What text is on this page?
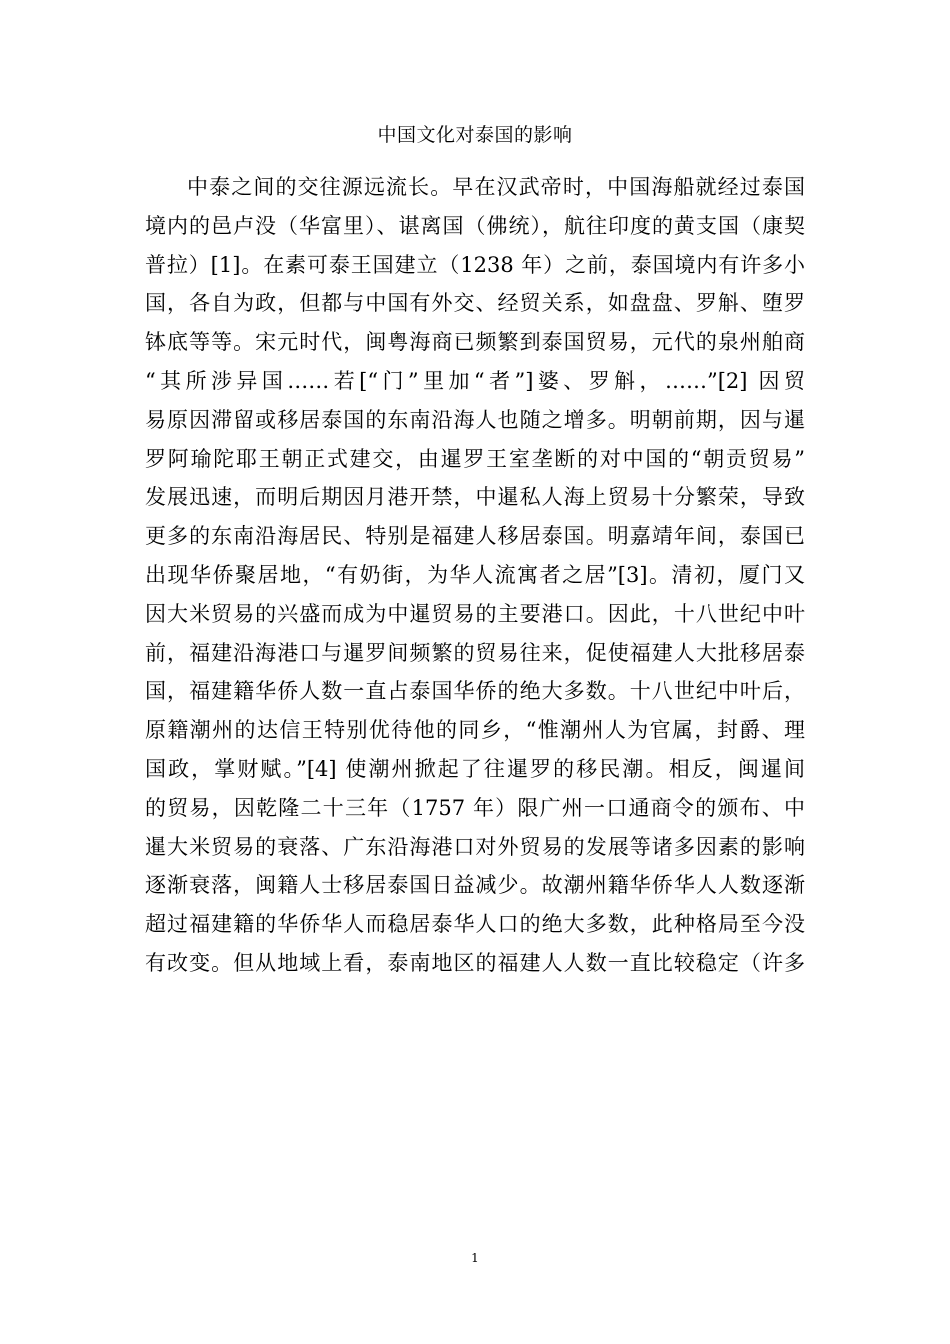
中国文化对泰国的影响
中泰之间的交往源远流长。早在汉武帝时，中国海船就经过泰国
境内的邑卢没（华富里）、谌离国（佛统），航往印度的黄支国（康契
普拉）[1]。在素可泰王国建立（1238 年）之前，泰国境内有许多小
国，各自为政，但都与中国有外交、经贸关系，如盘盘、罗斛、堕罗
钵底等等。宋元时代，闽粤海商已频繁到泰国贸易，元代的泉州舶商
“其所涉异国……若[“门”里加“者”]婆、罗斛，……”[2] 因贸
易原因滞留或移居泰国的东南沿海人也随之增多。明朝前期，因与暹
罗阿瑜陀耶王朝正式建交，由暹罗王室垄断的对中国的“朝贡贸易”
发展迅速，而明后期因月港开禁，中暹私人海上贸易十分繁荣，导致
更多的东南沿海居民、特别是福建人移居泰国。明嘉靖年间，泰国已
出现华侨聚居地，“有奶街，为华人流寓者之居”[3]。清初，厦门又
因大米贸易的兴盛而成为中暹贸易的主要港口。因此，十八世纪中叶
前，福建沿海港口与暹罗间频繁的贸易往来，促使福建人大批移居泰
国，福建籍华侨人数一直占泰国华侨的绝大多数。十八世纪中叶后，
原籍潮州的达信王特别优待他的同乡，“惟潮州人为官属，封爵、理
国政，掌财赋。”[4] 使潮州掀起了往暹罗的移民潮。相反，闽暹间
的贸易，因乾隆二十三年（1757 年）限广州一口通商令的颁布、中
暹大米贸易的衰落、广东沿海港口对外贸易的发展等诸多因素的影响
逐渐衰落，闽籍人士移居泰国日益减少。故潮州籍华侨华人人数逐渐
超过福建籍的华侨华人而稳居泰华人口的绝大多数，此种格局至今没
有改变。但从地域上看，泰南地区的福建人人数一直比较稳定（许多
1
